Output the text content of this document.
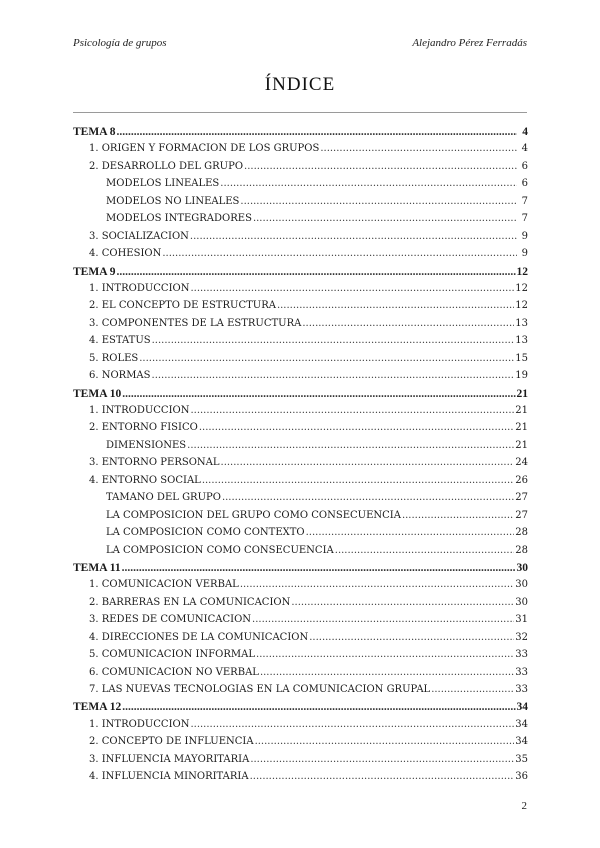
Psicología de grupos	Alejandro Pérez Ferradás
ÍNDICE
TEMA 8 .....	4
1. ORIGEN Y FORMACIÓN DE LOS GRUPOS .....	4
2. DESARROLLO DEL GRUPO .....	6
MODELOS LINEALES .....	6
MODELOS NO LINEALES .....	7
MODELOS INTEGRADORES .....	7
3. SOCIALIZACIÓN .....	9
4. COHESIÓN .....	9
TEMA 9 .....	12
1. INTRODUCCIÓN .....	12
2. EL CONCEPTO DE ESTRUCTURA .....	12
3. COMPONENTES DE LA ESTRUCTURA .....	13
4. ESTATUS .....	13
5. ROLES .....	15
6. NORMAS .....	19
TEMA 10 .....	21
1. INTRODUCCIÓN .....	21
2. ENTORNO FÍSICO .....	21
DIMENSIONES .....	21
3. ENTORNO PERSONAL .....	24
4. ENTORNO SOCIAL .....	26
TAMAÑO DEL GRUPO .....	27
LA COMPOSICIÓN DEL GRUPO COMO CONSECUENCIA .....	27
LA COMPOSICIÓN COMO CONTEXTO .....	28
LA COMPOSICIÓN COMO CONSECUENCIA .....	28
TEMA 11 .....	30
1. COMUNICACIÓN VERBAL .....	30
2. BARRERAS EN LA COMUNICACIÓN .....	30
3. REDES DE COMUNICACIÓN .....	31
4. DIRECCIONES DE LA COMUNICACIÓN .....	32
5. COMUNICACIÓN INFORMAL .....	33
6. COMUNICACIÓN NO VERBAL .....	33
7. LAS NUEVAS TECNOLOGÍAS EN LA COMUNICACIÓN GRUPAL .....	33
TEMA 12 .....	34
1. INTRODUCCIÓN .....	34
2. CONCEPTO DE INFLUENCIA .....	34
3. INFLUENCIA MAYORITARIA .....	35
4. INFLUENCIA MINORITARIA .....	36
2
